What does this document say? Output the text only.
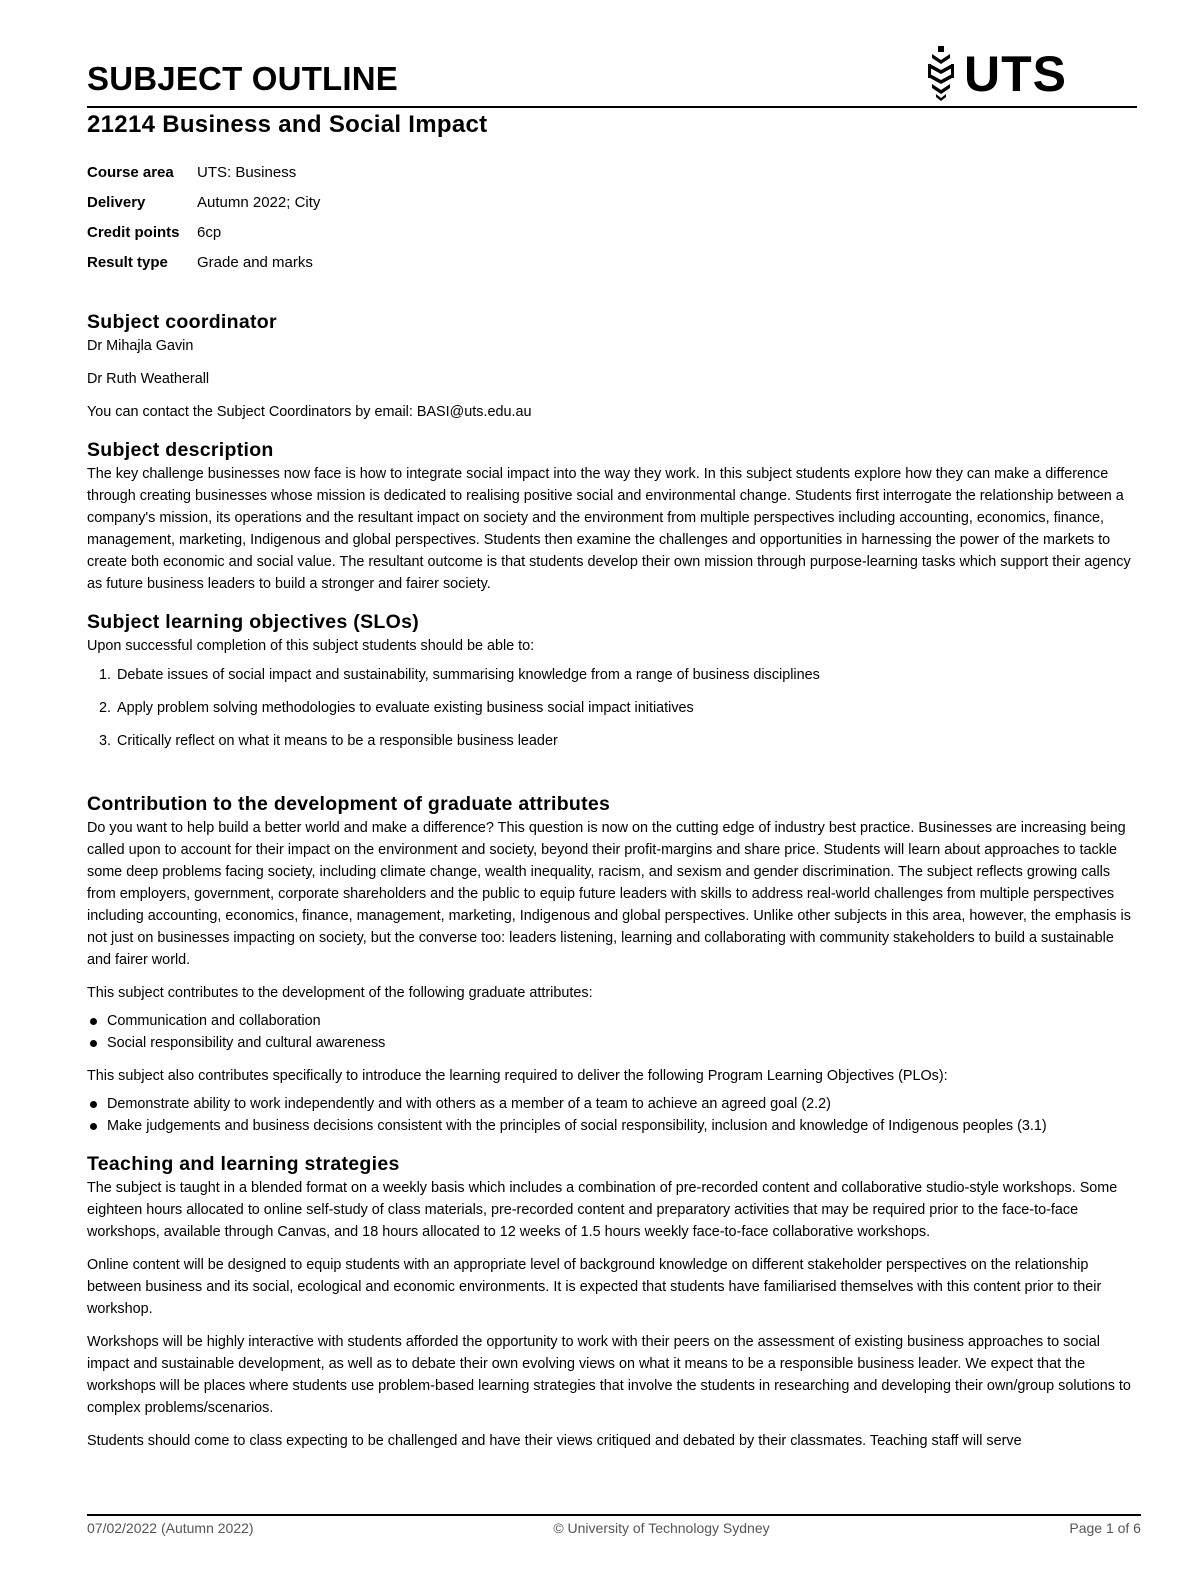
SUBJECT OUTLINE	UTS
21214 Business and Social Impact
Course area	UTS: Business
Delivery	Autumn 2022; City
Credit points	6cp
Result type	Grade and marks
Subject coordinator

Dr Mihajla Gavin

Dr Ruth Weatherall

You can contact the Subject Coordinators by email: BASI@uts.edu.au

Subject description

The key challenge businesses now face is how to integrate social impact into the way they work. In this subject students explore how they can make a difference through creating businesses whose mission is dedicated to realising positive social and environmental change. Students first interrogate the relationship between a company's mission, its operations and the resultant impact on society and the environment from multiple perspectives including accounting, economics, finance, management, marketing, Indigenous and global perspectives. Students then examine the challenges and opportunities in harnessing the power of the markets to create both economic and social value. The resultant outcome is that students develop their own mission through purpose-learning tasks which support their agency as future business leaders to build a stronger and fairer society.

Subject learning objectives (SLOs)

Upon successful completion of this subject students should be able to:

1. Debate issues of social impact and sustainability, summarising knowledge from a range of business disciplines
2. Apply problem solving methodologies to evaluate existing business social impact initiatives
3. Critically reflect on what it means to be a responsible business leader
Contribution to the development of graduate attributes

Do you want to help build a better world and make a difference? This question is now on the cutting edge of industry best practice. Businesses are increasing being called upon to account for their impact on the environment and society, beyond their profit-margins and share price. Students will learn about approaches to tackle some deep problems facing society, including climate change, wealth inequality, racism, and sexism and gender discrimination. The subject reflects growing calls from employers, government, corporate shareholders and the public to equip future leaders with skills to address real-world challenges from multiple perspectives including accounting, economics, finance, management, marketing, Indigenous and global perspectives. Unlike other subjects in this area, however, the emphasis is not just on businesses impacting on society, but the converse too: leaders listening, learning and collaborating with community stakeholders to build a sustainable and fairer world.

This subject contributes to the development of the following graduate attributes:

Communication and collaboration
Social responsibility and cultural awareness

This subject also contributes specifically to introduce the learning required to deliver the following Program Learning Objectives (PLOs):

Demonstrate ability to work independently and with others as a member of a team to achieve an agreed goal (2.2)
Make judgements and business decisions consistent with the principles of social responsibility, inclusion and knowledge of Indigenous peoples (3.1)
Teaching and learning strategies

The subject is taught in a blended format on a weekly basis which includes a combination of pre-recorded content and collaborative studio-style workshops. Some eighteen hours allocated to online self-study of class materials, pre-recorded content and preparatory activities that may be required prior to the face-to-face workshops, available through Canvas, and 18 hours allocated to 12 weeks of 1.5 hours weekly face-to-face collaborative workshops.

Online content will be designed to equip students with an appropriate level of background knowledge on different stakeholder perspectives on the relationship between business and its social, ecological and economic environments. It is expected that students have familiarised themselves with this content prior to their workshop.

Workshops will be highly interactive with students afforded the opportunity to work with their peers on the assessment of existing business approaches to social impact and sustainable development, as well as to debate their own evolving views on what it means to be a responsible business leader. We expect that the workshops will be places where students use problem-based learning strategies that involve the students in researching and developing their own/group solutions to complex problems/scenarios.

Students should come to class expecting to be challenged and have their views critiqued and debated by their classmates. Teaching staff will serve

07/02/2022 (Autumn 2022)	© University of Technology Sydney	Page 1 of 6
